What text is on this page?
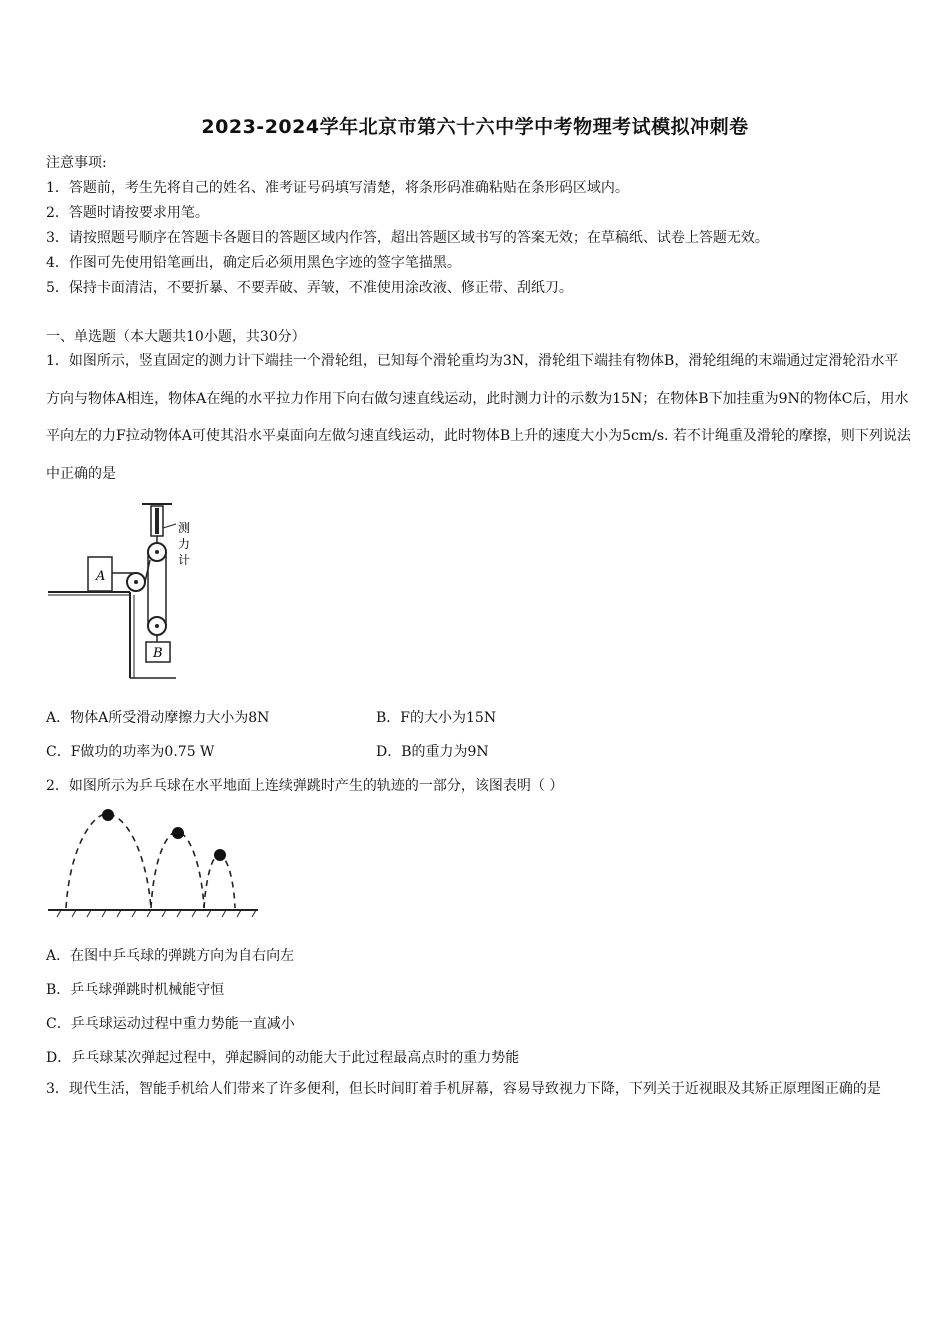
2023-2024学年北京市第六十六中学中考物理考试模拟冲刺卷
注意事项:
1．答题前，考生先将自己的姓名、准考证号码填写清楚，将条形码准确粘贴在条形码区域内。
2．答题时请按要求用笔。
3．请按照题号顺序在答题卡各题目的答题区域内作答，超出答题区域书写的答案无效；在草稿纸、试卷上答题无效。
4．作图可先使用铅笔画出，确定后必须用黑色字迹的签字笔描黑。
5．保持卡面清洁，不要折暴、不要弄破、弄皱，不准使用涂改液、修正带、刮纸刀。
一、单选题（本大题共10小题，共30分）
1．如图所示，竖直固定的测力计下端挂一个滑轮组，已知每个滑轮重均为3N，滑轮组下端挂有物体B，滑轮组绳的末端通过定滑轮沿水平方向与物体A相连，物体A在绳的水平拉力作用下向右做匀速直线运动，此时测力计的示数为15N；在物体B下加挂重为9N的物体C后，用水平向左的力F拉动物体A可使其沿水平桌面向左做匀速直线运动，此时物体B上升的速度大小为5cm/s. 若不计绳重及滑轮的摩擦，则下列说法中正确的是
A
测
力
计
B
A．物体A所受滑动摩擦力大小为8N	B．F的大小为15N
C．F做功的功率为0.75 W	D．B的重力为9N
2．如图所示为乒乓球在水平地面上连续弹跳时产生的轨迹的一部分，该图表明（ ）
A．在图中乒乓球的弹跳方向为自右向左
B．乒乓球弹跳时机械能守恒
C．乒乓球运动过程中重力势能一直减小
D．乒乓球某次弹起过程中，弹起瞬间的动能大于此过程最高点时的重力势能
3．现代生活，智能手机给人们带来了许多便利，但长时间盯着手机屏幕，容易导致视力下降，下列关于近视眼及其矫正原理图正确的是
